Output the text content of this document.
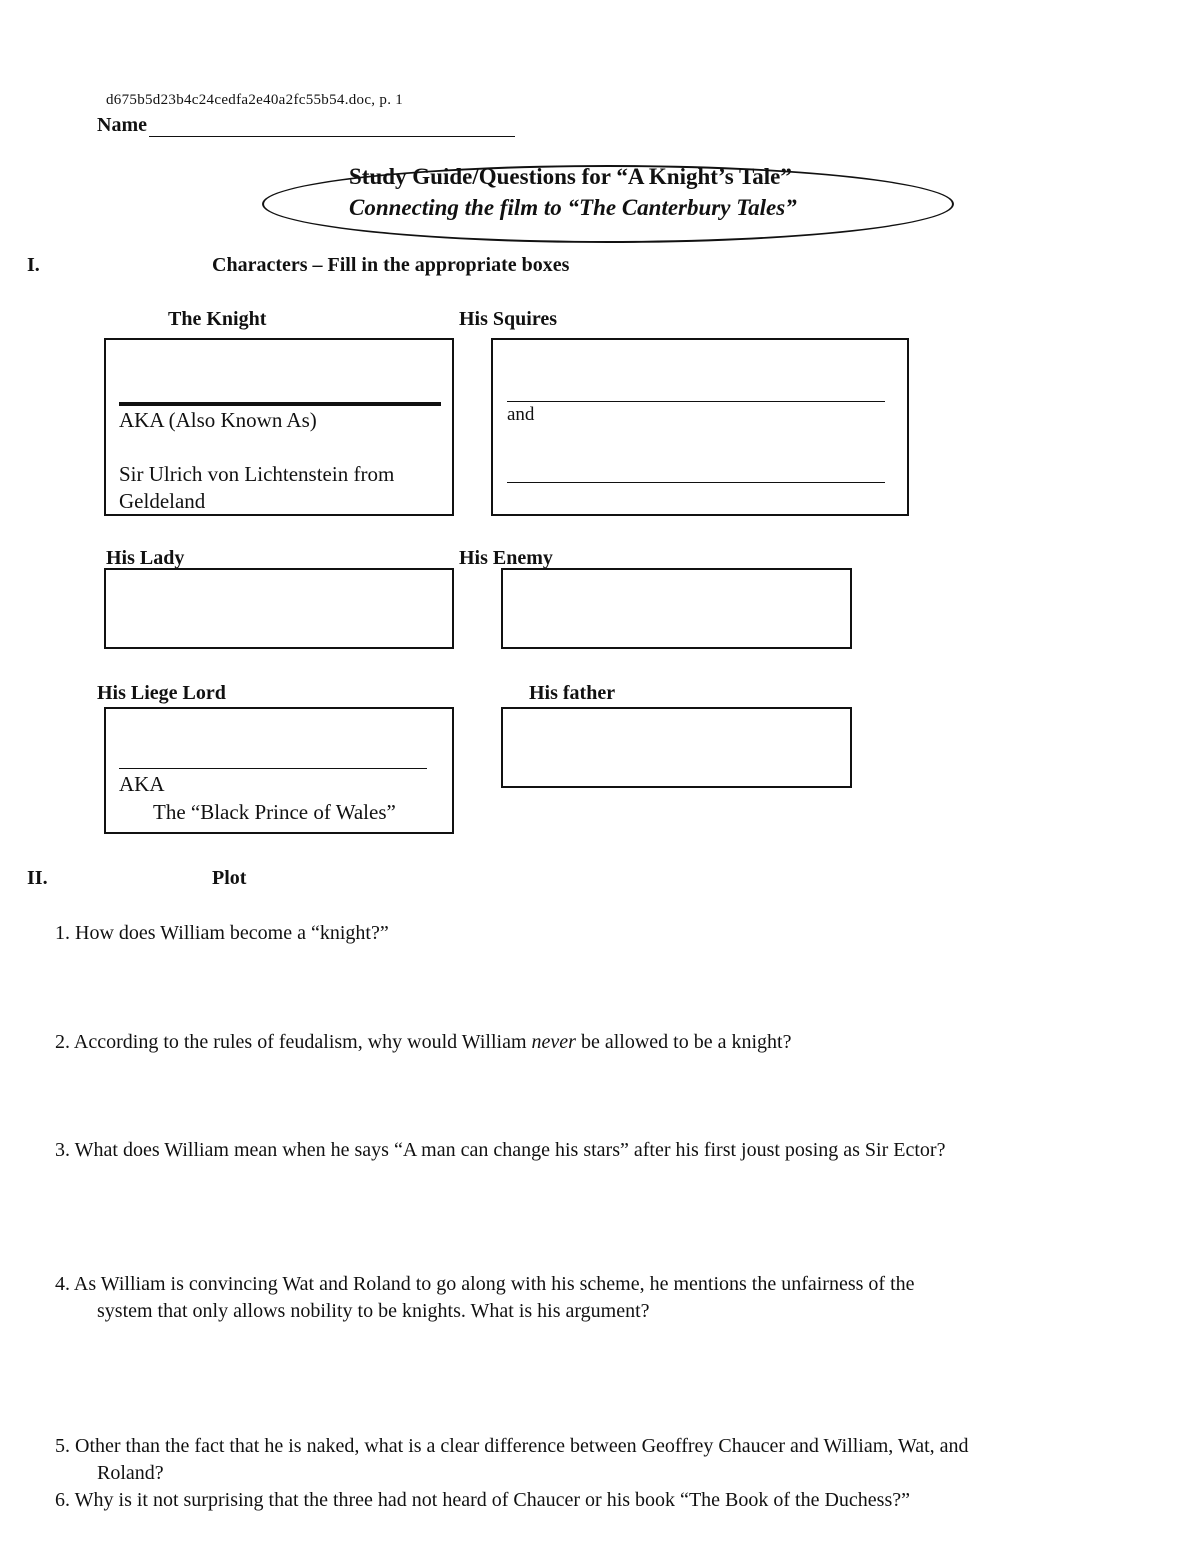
d675b5d23b4c24cedfa2e40a2fc55b54.doc, p. 1
Name
Study Guide/Questions for “A Knight’s Tale”
Connecting the film to “The Canterbury Tales”
I.	Characters – Fill in the appropriate boxes
The Knight
AKA (Also Known As)
Sir Ulrich von Lichtenstein from
Geldeland
His Squires
and
His Lady	His Enemy
His Liege Lord
AKA
The “Black Prince of Wales”
His father
II.	Plot
1. How does William become a “knight?”
2. According to the rules of feudalism, why would William never be allowed to be a knight?
3. What does William mean when he says “A man can change his stars” after his first joust posing as Sir Ector?
4. As William is convincing Wat and Roland to go along with his scheme, he mentions the unfairness of the
system that only allows nobility to be knights. What is his argument?
5. Other than the fact that he is naked, what is a clear difference between Geoffrey Chaucer and William, Wat, and
Roland?
6. Why is it not surprising that the three had not heard of Chaucer or his book “The Book of the Duchess?”
